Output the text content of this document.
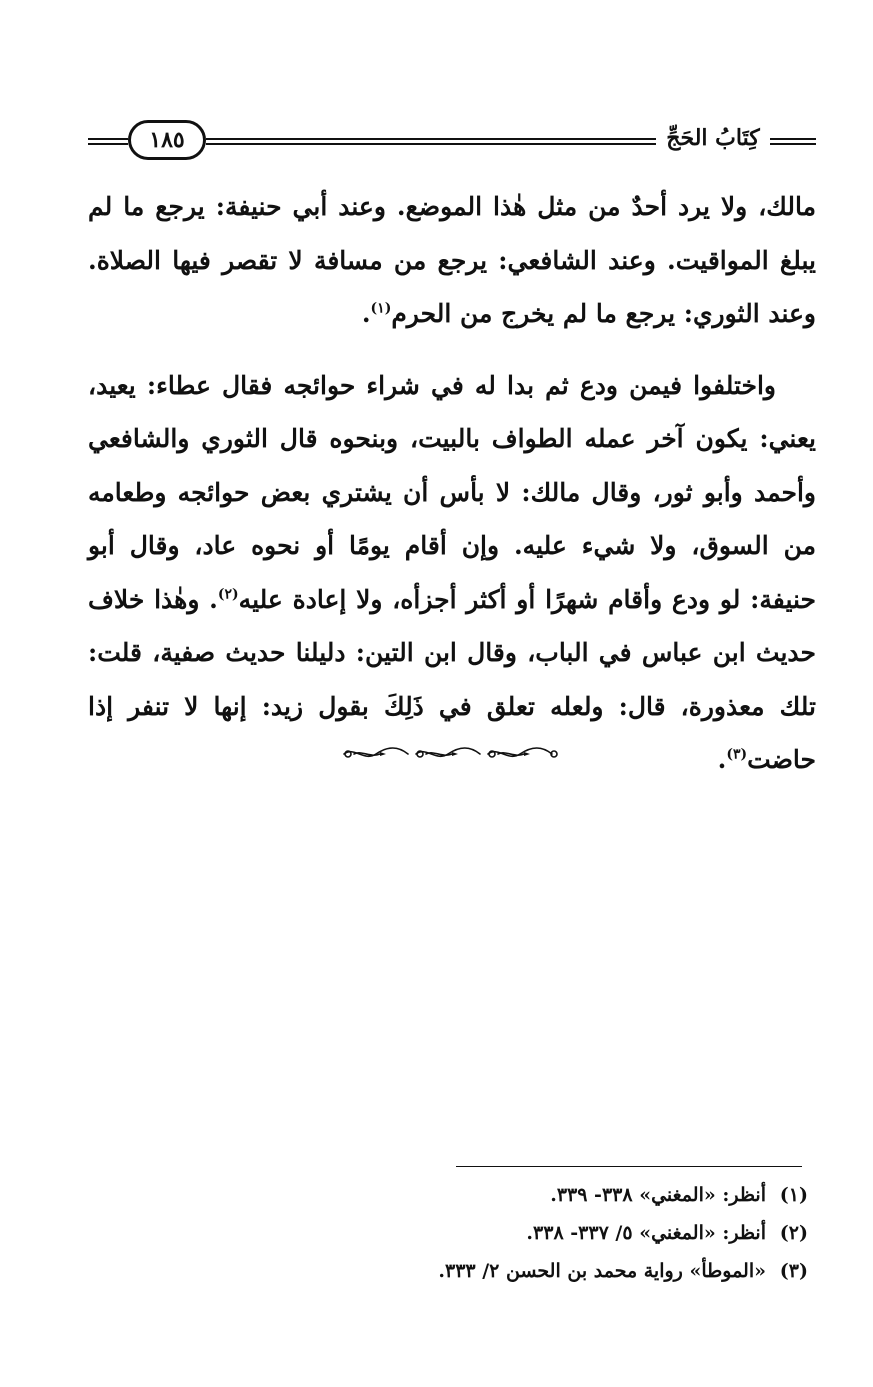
١٨٥	كِتَابُ الحَجِّ

مالك، ولا يرد أحدٌ من مثل هٰذا الموضع. وعند أبي حنيفة: يرجع ما لم يبلغ المواقيت. وعند الشافعي: يرجع من مسافة لا تقصر فيها الصلاة. وعند الثوري: يرجع ما لم يخرج من الحرم$^{(١)}$.

واختلفوا فيمن ودع ثم بدا له في شراء حوائجه فقال عطاء: يعيد، يعني: يكون آخر عمله الطواف بالبيت، وبنحوه قال الثوري والشافعي وأحمد وأبو ثور، وقال مالك: لا بأس أن يشتري بعض حوائجه وطعامه من السوق، ولا شيء عليه. وإن أقام يومًا أو نحوه عاد، وقال أبو حنيفة: لو ودع وأقام شهرًا أو أكثر أجزأه، ولا إعادة عليه$^{(٢)}$. وهٰذا خلاف حديث ابن عباس في الباب، وقال ابن التين: دليلنا حديث صفية، قلت: تلك معذورة، قال: ولعله تعلق في ذَلِكَ بقول زيد: إنها لا تنفر إذا حاضت$^{(٣)}$.

(١)أنظر: «المغني» ٣٣٨- ٣٣٩.
(٢)أنظر: «المغني» ٥/ ٣٣٧- ٣٣٨.
(٣)«الموطأ» رواية محمد بن الحسن ٢/ ٣٣٣.
